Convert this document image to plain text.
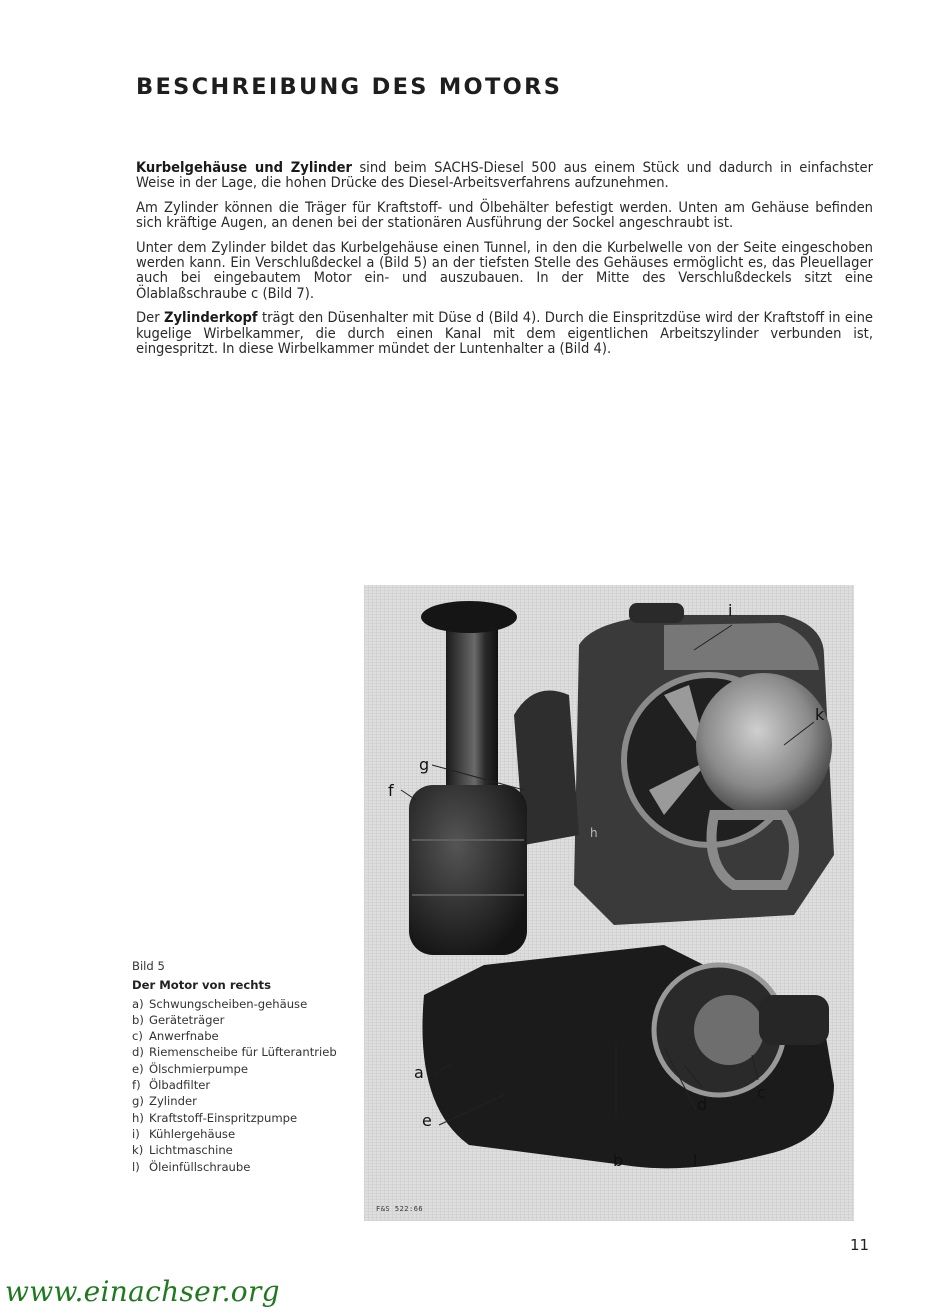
BESCHREIBUNG DES MOTORS

Kurbelgehäuse und Zylinder sind beim SACHS-Diesel 500 aus einem Stück und dadurch in einfachster Weise in der Lage, die hohen Drücke des Diesel-Arbeitsverfahrens aufzunehmen.

Am Zylinder können die Träger für Kraftstoff- und Ölbehälter befestigt werden. Unten am Gehäuse befinden sich kräftige Augen, an denen bei der stationären Ausführung der Sockel angeschraubt ist.

Unter dem Zylinder bildet das Kurbelgehäuse einen Tunnel, in den die Kurbelwelle von der Seite eingeschoben werden kann. Ein Verschlußdeckel a (Bild 5) an der tiefsten Stelle des Gehäuses ermöglicht es, das Pleuellager auch bei eingebautem Motor ein- und auszubauen. In der Mitte des Verschlußdeckels sitzt eine Ölablaßschraube c (Bild 7).

Der Zylinderkopf trägt den Düsenhalter mit Düse d (Bild 4). Durch die Einspritzdüse wird der Kraftstoff in eine kugelige Wirbelkammer, die durch einen Kanal mit dem eigentlichen Arbeitszylinder verbunden ist, eingespritzt. In diese Wirbelkammer mündet der Luntenhalter a (Bild 4).

i
k
g
f
h
a
c
d
e
b	l
F&S 522:66
Bild 5
Der Motor von rechts
a) Schwungscheiben-gehäuse
b) Geräteträger
c) Anwerfnabe
d) Riemenscheibe für Lüfterantrieb
e) Ölschmierpumpe
f) Ölbadfilter
g) Zylinder
h) Kraftstoff-Einspritzpumpe
i) Kühlergehäuse
k) Lichtmaschine
l) Öleinfüllschraube
11
www.einachser.org
